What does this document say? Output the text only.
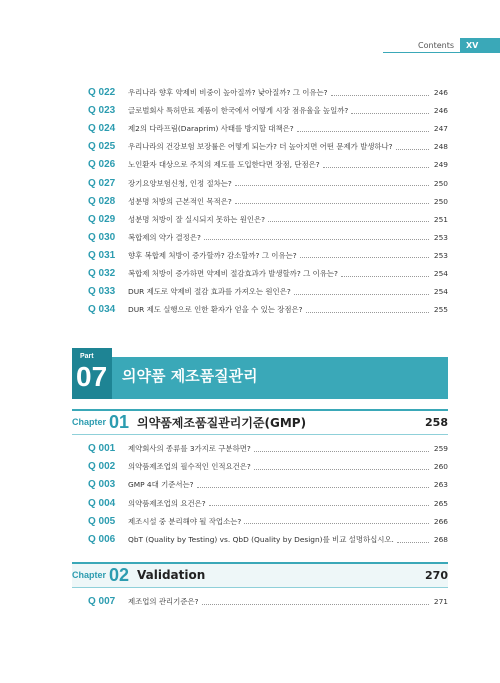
Contents	XV
Q 022	우리나라 향후 약제비 비중이 높아질까? 낮아질까? 그 이유는?	246
Q 023	글로벌회사 특허만료 제품이 한국에서 어떻게 시장 점유율을 높일까?	246
Q 024	제2의 다라프림(Daraprim) 사태를 방지할 대책은?	247
Q 025	우리나라의 건강보험 보장률은 어떻게 되는가? 더 높아지면 어떤 문제가 발생하나?	248
Q 026	노인환자 대상으로 주치의 제도를 도입한다면 장점, 단점은?	249
Q 027	장기요양보험신청, 인정 절차는?	250
Q 028	성분명 처방의 근본적인 목적은?	250
Q 029	성분명 처방이 잘 실시되지 못하는 원인은?	251
Q 030	복합제의 약가 결정은?	253
Q 031	향후 복합제 처방이 증가할까? 감소할까? 그 이유는?	253
Q 032	복합제 처방이 증가하면 약제비 절감효과가 발생할까? 그 이유는?	254
Q 033	DUR 제도로 약제비 절감 효과를 가져오는 원인은?	254
Q 034	DUR 제도 실행으로 인한 환자가 얻을 수 있는 장점은?	255
Part
07 의약품 제조품질관리
Chapter 01 의약품제조품질관리기준(GMP)	258
Q 001	제약회사의 종류를 3가지로 구분하면?	259
Q 002	의약품제조업의 필수적인 인적요건은?	260
Q 003	GMP 4대 기준서는?	263
Q 004	의약품제조업의 요건은?	265
Q 005	제조시설 중 분리해야 될 작업소는?	266
Q 006	QbT (Quality by Testing) vs. QbD (Quality by Design)를 비교 설명하십시오.	268
Chapter 02 Validation	270
Q 007	제조업의 관리기준은?	271
